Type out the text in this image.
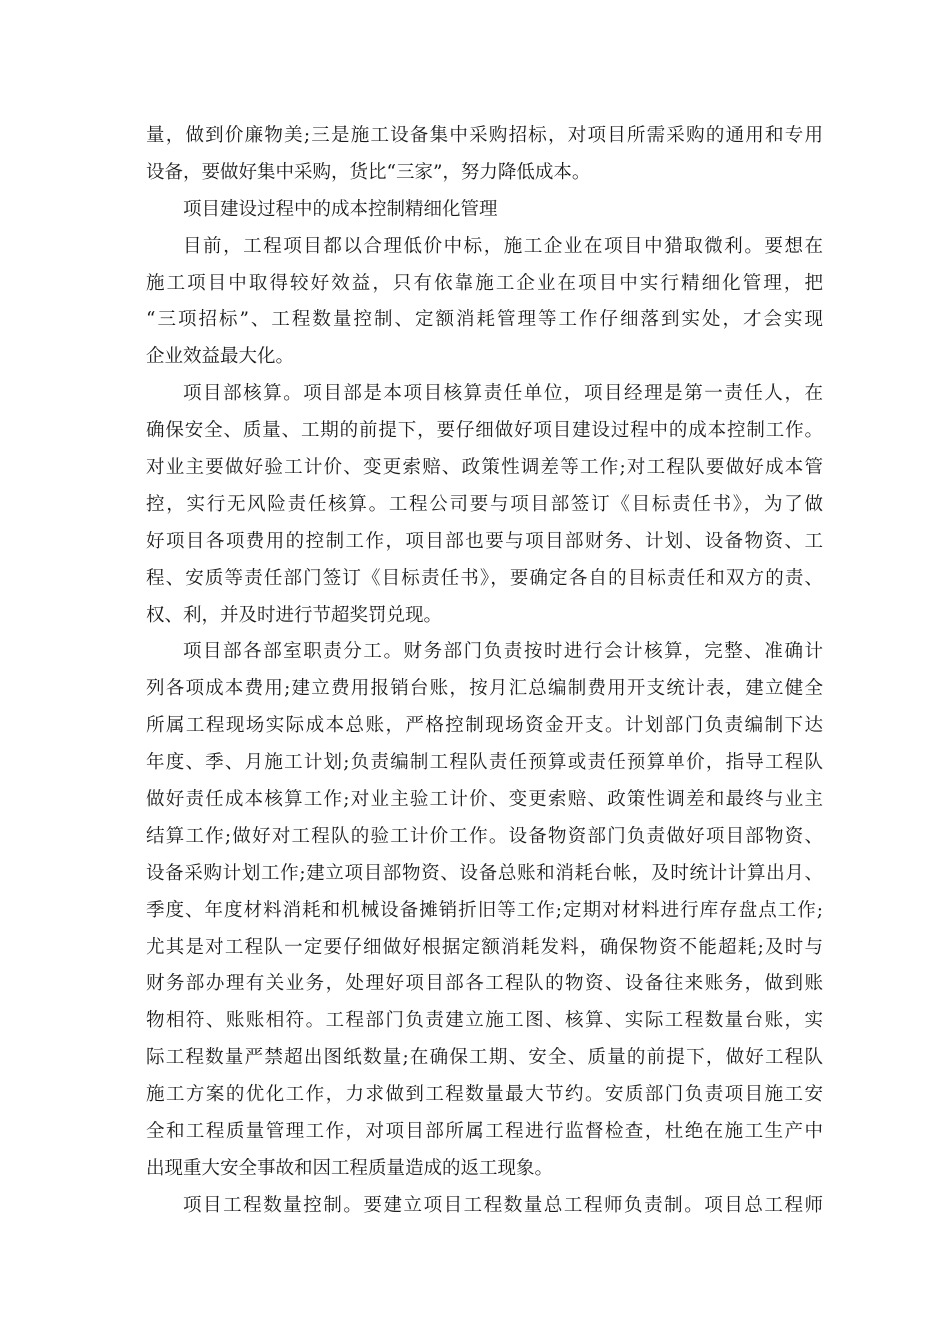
量，做到价廉物美;三是施工设备集中采购招标，对项目所需采购的通用和专用
设备，要做好集中采购，货比“三家”，努力降低成本。
项目建设过程中的成本控制精细化管理
目前，工程项目都以合理低价中标，施工企业在项目中猎取微利。要想在
施工项目中取得较好效益，只有依靠施工企业在项目中实行精细化管理，把
“三项招标”、工程数量控制、定额消耗管理等工作仔细落到实处，才会实现
企业效益最大化。
项目部核算。项目部是本项目核算责任单位，项目经理是第一责任人，在
确保安全、质量、工期的前提下，要仔细做好项目建设过程中的成本控制工作。
对业主要做好验工计价、变更索赔、政策性调差等工作;对工程队要做好成本管
控，实行无风险责任核算。工程公司要与项目部签订《目标责任书》，为了做
好项目各项费用的控制工作，项目部也要与项目部财务、计划、设备物资、工
程、安质等责任部门签订《目标责任书》，要确定各自的目标责任和双方的责、
权、利，并及时进行节超奖罚兑现。
项目部各部室职责分工。财务部门负责按时进行会计核算，完整、准确计
列各项成本费用;建立费用报销台账，按月汇总编制费用开支统计表，建立健全
所属工程现场实际成本总账，严格控制现场资金开支。计划部门负责编制下达
年度、季、月施工计划;负责编制工程队责任预算或责任预算单价，指导工程队
做好责任成本核算工作;对业主验工计价、变更索赔、政策性调差和最终与业主
结算工作;做好对工程队的验工计价工作。设备物资部门负责做好项目部物资、
设备采购计划工作;建立项目部物资、设备总账和消耗台帐，及时统计计算出月、
季度、年度材料消耗和机械设备摊销折旧等工作;定期对材料进行库存盘点工作;
尤其是对工程队一定要仔细做好根据定额消耗发料，确保物资不能超耗;及时与
财务部办理有关业务，处理好项目部各工程队的物资、设备往来账务，做到账
物相符、账账相符。工程部门负责建立施工图、核算、实际工程数量台账，实
际工程数量严禁超出图纸数量;在确保工期、安全、质量的前提下，做好工程队
施工方案的优化工作，力求做到工程数量最大节约。安质部门负责项目施工安
全和工程质量管理工作，对项目部所属工程进行监督检查，杜绝在施工生产中
出现重大安全事故和因工程质量造成的返工现象。
项目工程数量控制。要建立项目工程数量总工程师负责制。项目总工程师
